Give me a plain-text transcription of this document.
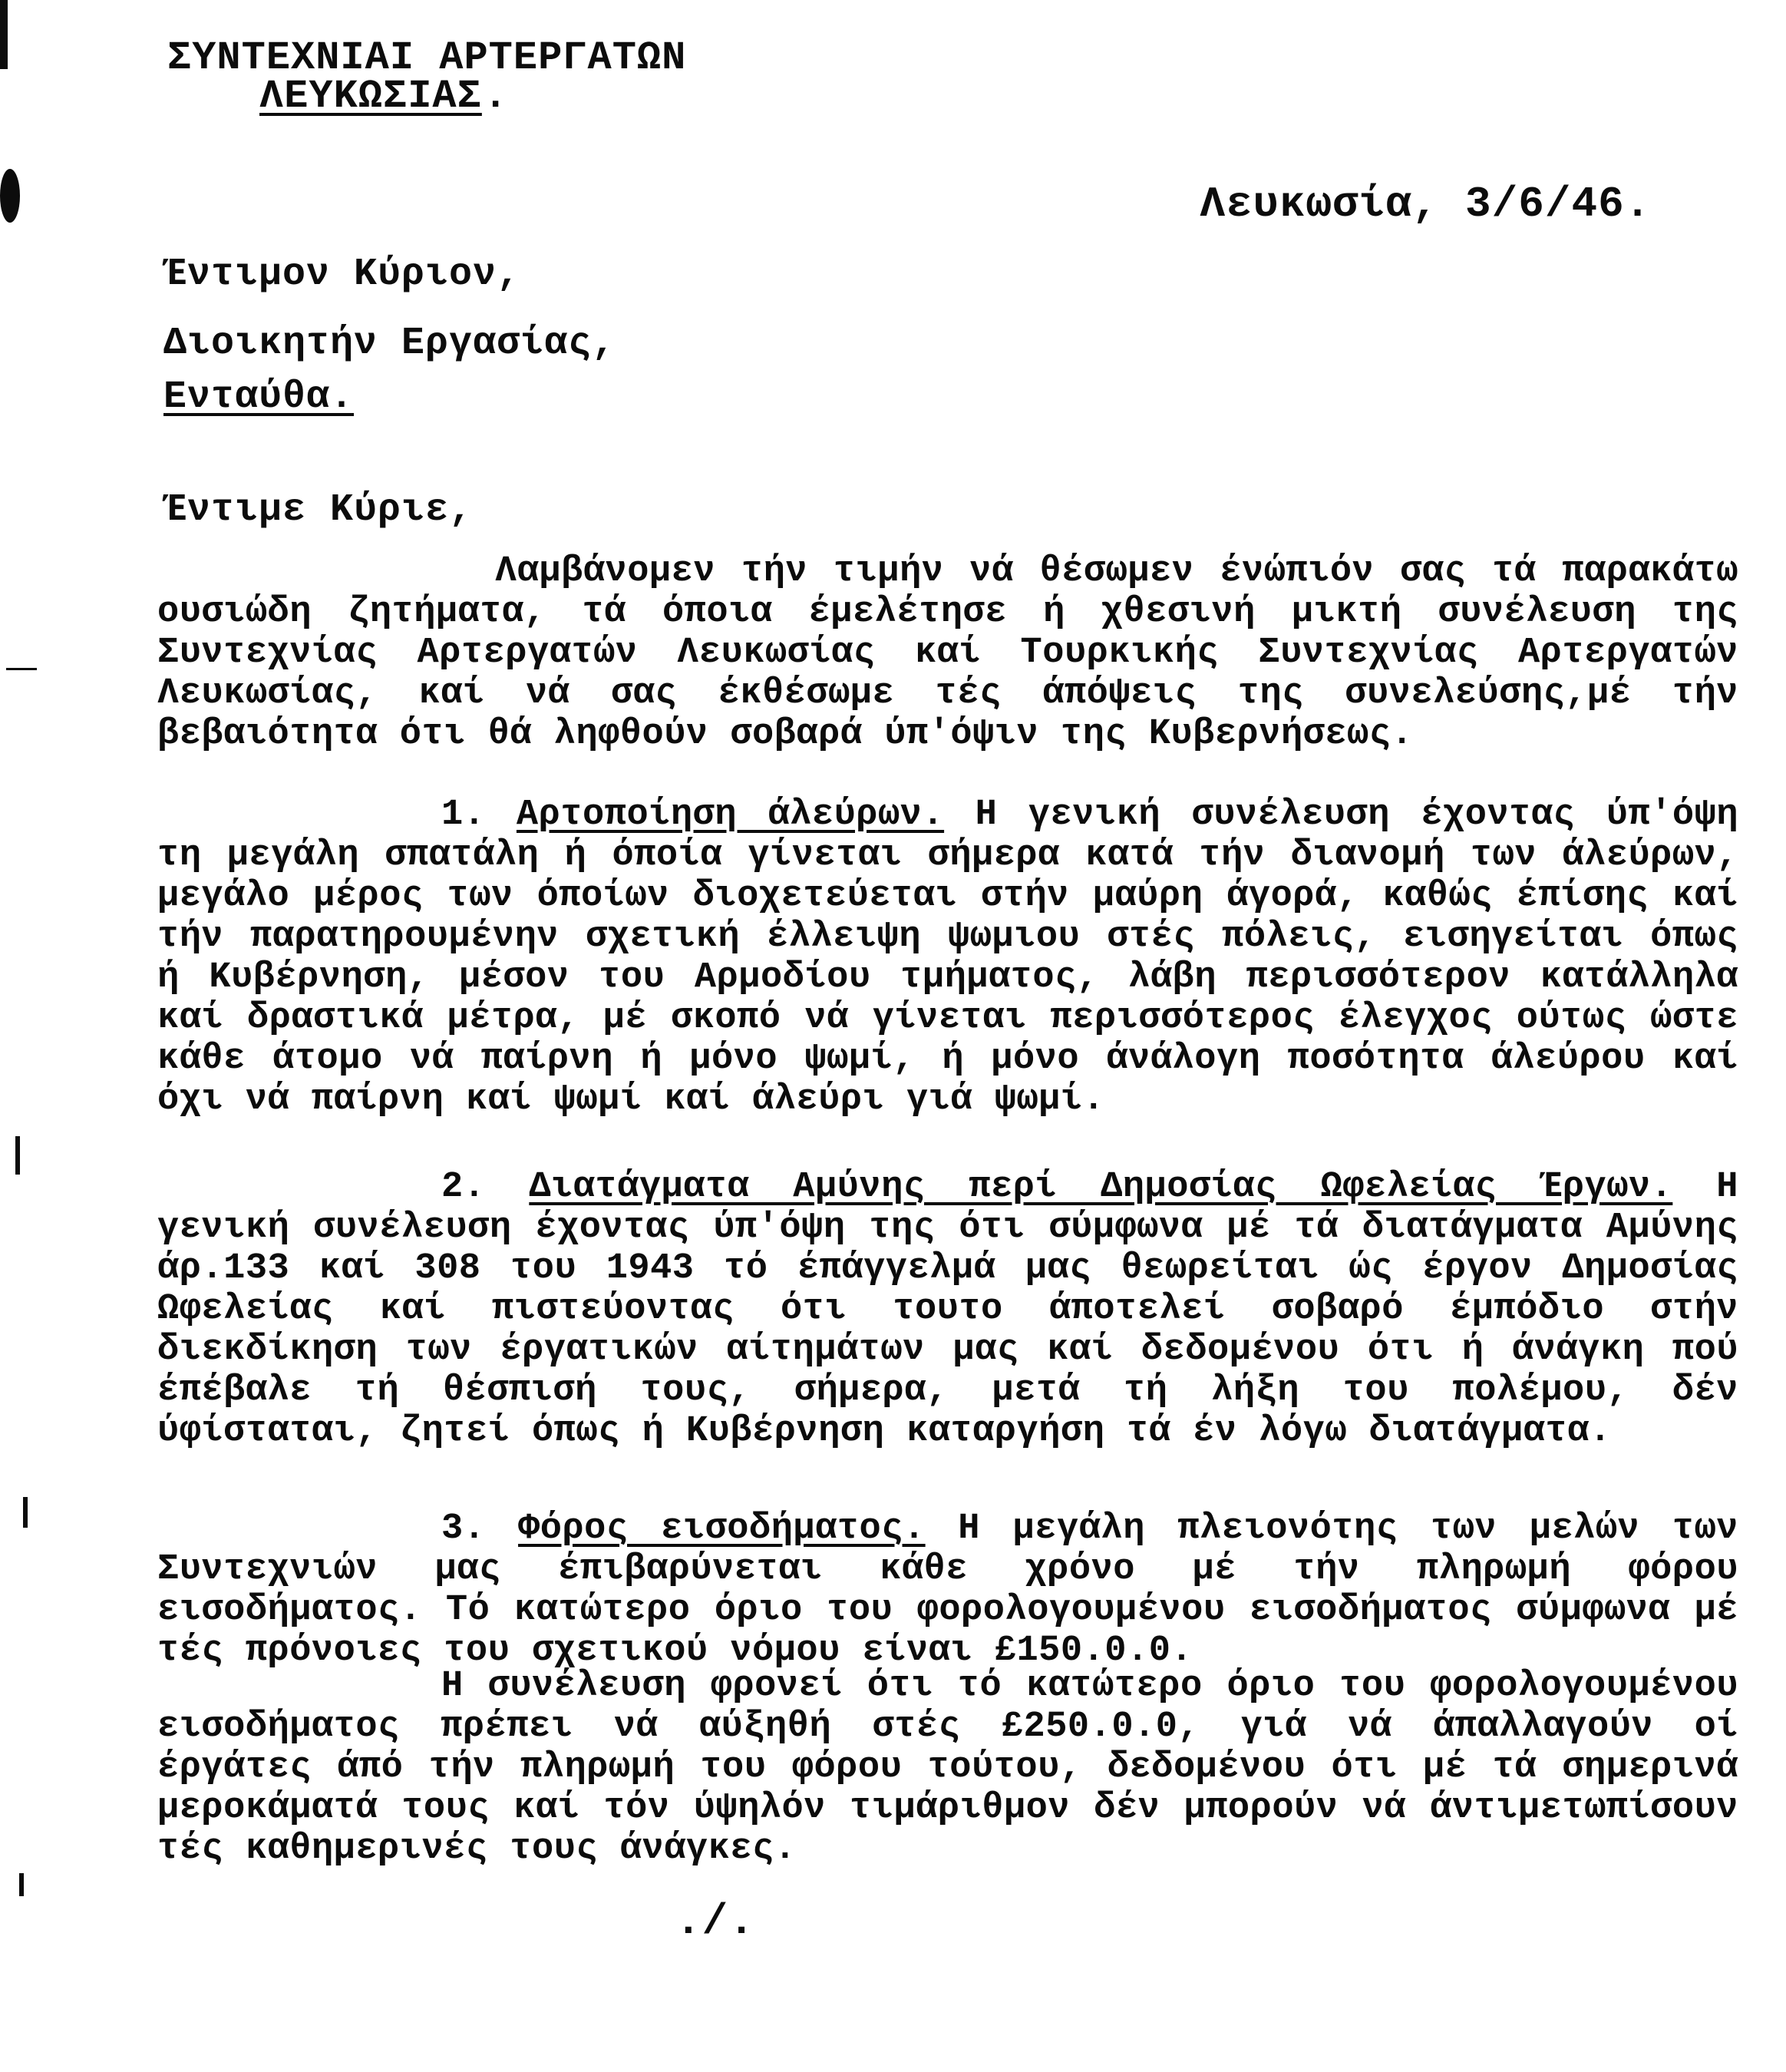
ΣΥΝΤΕΧΝΙΑΙ ΑΡΤΕΡΓΑΤΩΝ
ΛΕΥΚΩΣΙΑΣ .
Λευκωσία, 3/6/46.
Έντιμον Κύριον,
Διοικητήν Εργασίας,
Ενταύθα.
Έντιμε Κύριε,
Λαμβάνομεν τήν τιμήν νά θέσωμεν ένώπιόν σας τά παρακάτω ουσιώδη ζητήματα, τά όποια έμελέτησε ή χθεσινή μικτή συνέλευση της Συντεχνίας Αρτεργατών Λευκωσίας καί Τουρκικής Συντεχνίας Αρτεργατών Λευκωσίας, καί νά σας έκθέσωμε τές άπόψεις της συνελεύσης,μέ τήν βεβαιότητα ότι θά ληφθούν σοβαρά ύπ'όψιν της Κυβερνήσεως.
1. Αρτοποίηση άλεύρων. Η γενική συνέλευση έχοντας ύπ'όψη τη μεγάλη σπατάλη ή όποία γίνεται σήμερα κατά τήν διανομή των άλεύρων, μεγάλο μέρος των όποίων διοχετεύεται στήν μαύρη άγορά, καθώς έπίσης καί τήν παρατηρουμένην σχετική έλλειψη ψωμιου στές πόλεις, εισηγείται όπως ή Κυβέρνηση, μέσον του Αρμοδίου τμήματος, λάβη περισσότερον κατάλληλα καί δραστικά μέτρα, μέ σκοπό νά γίνεται περισσότερος έλεγχος ούτως ώστε κάθε άτομο νά παίρνη ή μόνο ψωμί, ή μόνο άνάλογη ποσότητα άλεύρου καί όχι νά παίρνη καί ψωμί καί άλεύρι γιά ψωμί.
2. Διατάγματα Αμύνης περί Δημοσίας Ωφελείας Έργων. Η γενική συνέλευση έχοντας ύπ'όψη της ότι σύμφωνα μέ τά διατάγματα Αμύνης άρ.133 καί 308 του 1943 τό έπάγγελμά μας θεωρείται ώς έργον Δημοσίας Ωφελείας καί πιστεύοντας ότι τουτο άποτελεί σοβαρό έμπόδιο στήν διεκδίκηση των έργατικών αίτημάτων μας καί δεδομένου ότι ή άνάγκη πού έπέβαλε τή θέσπισή τους, σήμερα, μετά τή λήξη του πολέμου, δέν ύφίσταται, ζητεί όπως ή Κυβέρνηση καταργήση τά έν λόγω διατάγματα.
3. Φόρος εισοδήματος. Η μεγάλη πλειονότης των μελών των Συντεχνιών μας έπιβαρύνεται κάθε χρόνο μέ τήν πληρωμή φόρου εισοδήματος. Τό κατώτερο όριο του φορολογουμένου εισοδήματος σύμφωνα μέ τές πρόνοιες του σχετικού νόμου είναι £150.0.0.
Η συνέλευση φρονεί ότι τό κατώτερο όριο του φορολογουμένου εισοδήματος πρέπει νά αύξηθή στές £250.0.0, γιά νά άπαλλαγούν οί έργάτες άπό τήν πληρωμή του φόρου τούτου, δεδομένου ότι μέ τά σημερινά μεροκάματά τους καί τόν ύψηλόν τιμάριθμον δέν μπορούν νά άντιμετωπίσουν τές καθημερινές τους άνάγκες.
./.
